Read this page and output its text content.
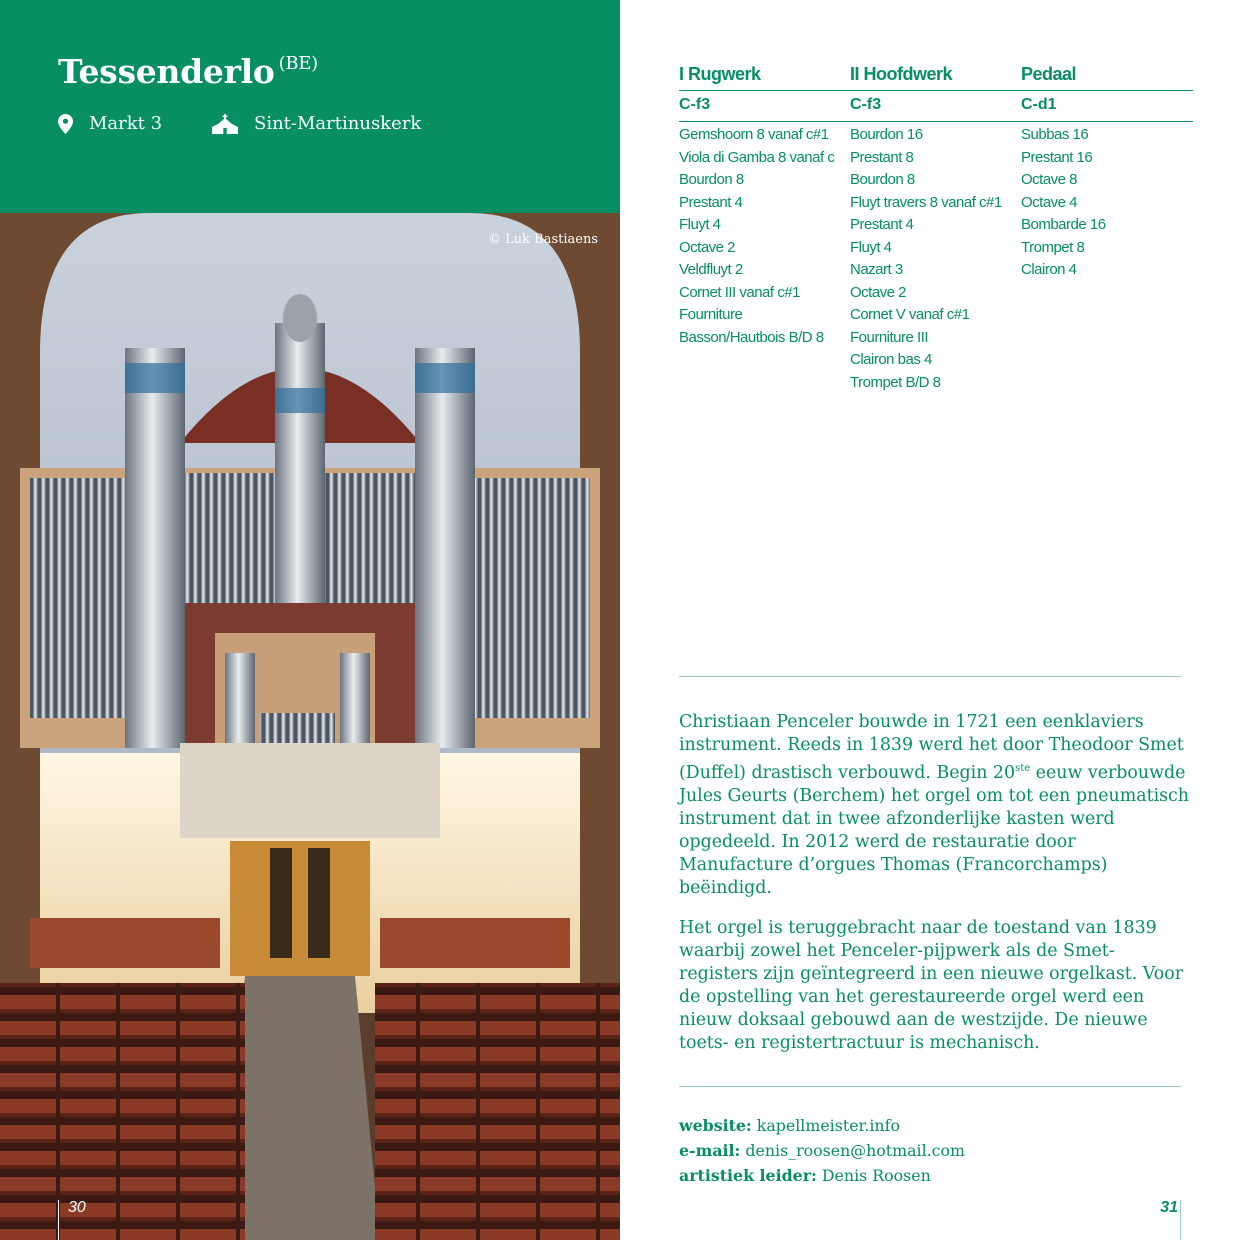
Tessenderlo $^{(BE)}$
Markt 3	Sint-Martinuskerk
© Luk Bastiaens
30
I Rugwerk
C-f3
Gemshoorn 8 vanaf c#1
Viola di Gamba 8 vanaf c
Bourdon 8
Prestant 4
Fluyt 4
Octave 2
Veldfluyt 2
Cornet III vanaf c#1
Fourniture
Basson/Hautbois B/D 8
II Hoofdwerk
C-f3
Bourdon 16
Prestant 8
Bourdon 8
Fluyt travers 8 vanaf c#1
Prestant 4
Fluyt 4
Nazart 3
Octave 2
Cornet V vanaf c#1
Fourniture III
Clairon bas 4
Trompet B/D 8
Pedaal
C-d1
Subbas 16
Prestant 16
Octave 8
Octave 4
Bombarde 16
Trompet 8
Clairon 4
Christiaan Penceler bouwde in 1721 een eenklaviers instrument. Reeds in 1839 werd het door Theodoor Smet (Duffel) drastisch verbouwd. Begin 20ste eeuw verbouwde Jules Geurts (Berchem) het orgel om tot een pneumatisch instrument dat in twee afzonderlijke kasten werd opgedeeld. In 2012 werd de restauratie door Manufacture d’orgues Thomas (Francorchamps) beëindigd.
Het orgel is teruggebracht naar de toestand van 1839 waarbij zowel het Penceler-pijpwerk als de Smet-registers zijn geïntegreerd in een nieuwe orgelkast. Voor de opstelling van het gerestaureerde orgel werd een nieuw doksaal gebouwd aan de westzijde. De nieuwe toets- en registertractuur is mechanisch.
website: kapellmeister.info
e-mail: denis_roosen@hotmail.com
artistiek leider: Denis Roosen
31
